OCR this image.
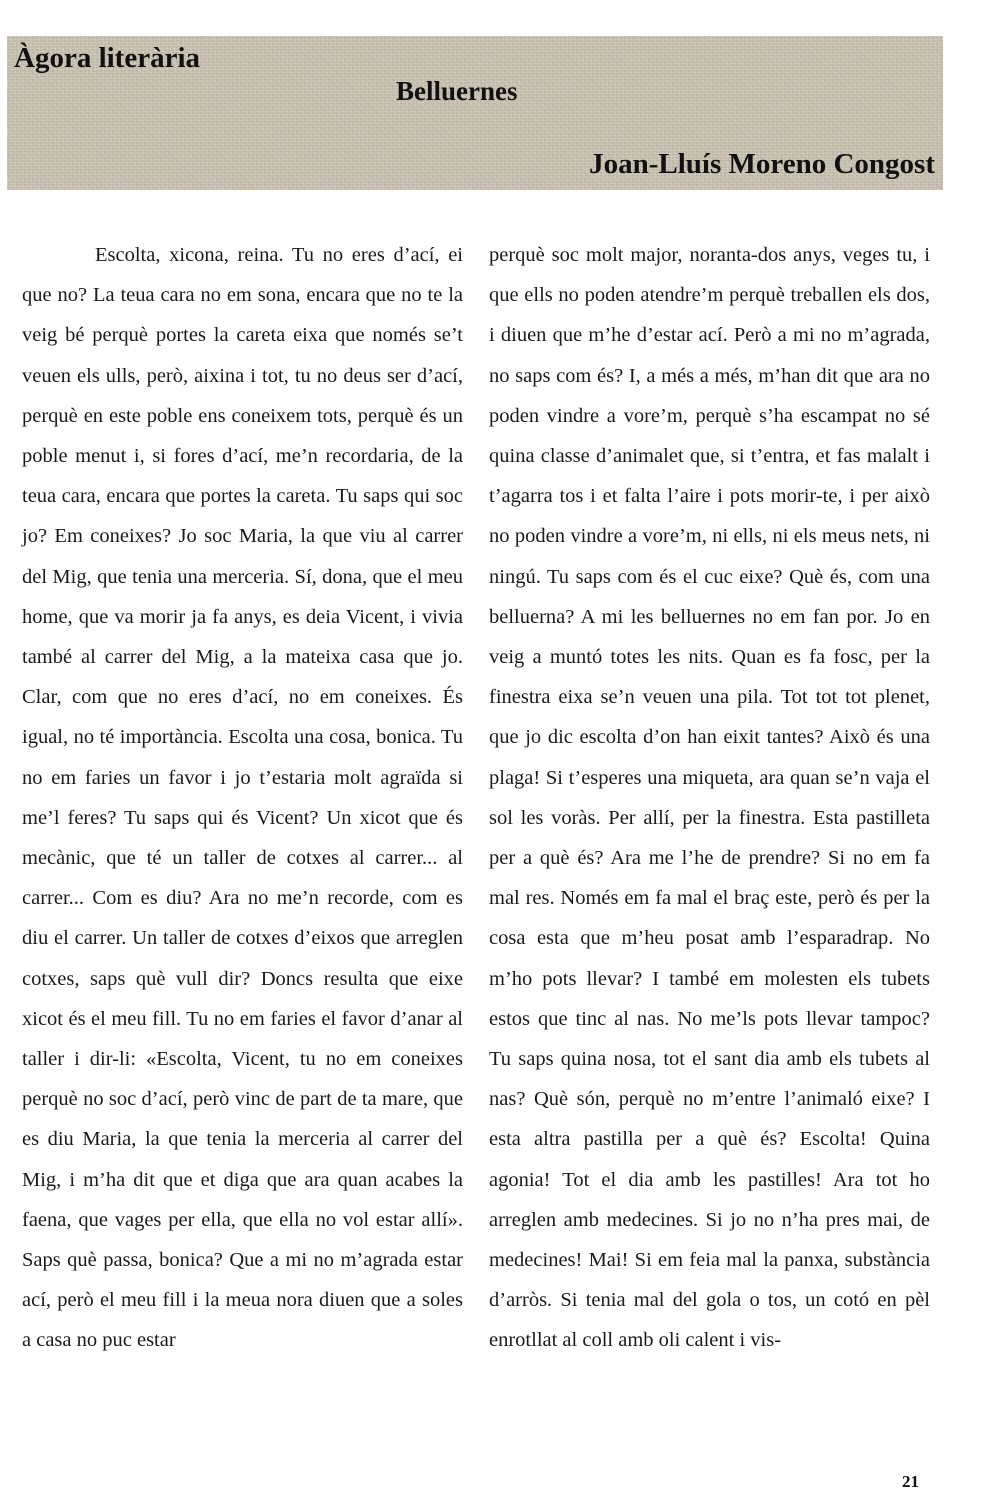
Àgora literària
Belluernes
Joan-Lluís Moreno Congost

Escolta, xicona, reina. Tu no eres d’ací, ei que no? La teua cara no em sona, encara que no te la veig bé perquè portes la careta eixa que només se’t veuen els ulls, però, aixina i tot, tu no deus ser d’ací, perquè en este poble ens coneixem tots, perquè és un poble menut i, si fores d’ací, me’n recordaria, de la teua cara, encara que portes la careta. Tu saps qui soc jo? Em coneixes? Jo soc Maria, la que viu al carrer del Mig, que tenia una merceria. Sí, dona, que el meu home, que va morir ja fa anys, es deia Vicent, i vivia també al carrer del Mig, a la mateixa casa que jo. Clar, com que no eres d’ací, no em coneixes. És igual, no té importància. Escolta una cosa, bonica. Tu no em faries un favor i jo t’estaria molt agraïda si me’l feres? Tu saps qui és Vicent? Un xicot que és mecànic, que té un taller de cotxes al carrer... al carrer... Com es diu? Ara no me’n recorde, com es diu el carrer. Un taller de cotxes d’eixos que arreglen cotxes, saps què vull dir? Doncs resulta que eixe xicot és el meu fill. Tu no em faries el favor d’anar al taller i dir-li: «Escolta, Vicent, tu no em coneixes perquè no soc d’ací, però vinc de part de ta mare, que es diu Maria, la que tenia la merceria al carrer del Mig, i m’ha dit que et diga que ara quan acabes la faena, que vages per ella, que ella no vol estar allí». Saps què passa, bonica? Que a mi no m’agrada estar ací, però el meu fill i la meua nora diuen que a soles a casa no puc estar

perquè soc molt major, noranta-dos anys, veges tu, i que ells no poden atendre’m perquè treballen els dos, i diuen que m’he d’estar ací. Però a mi no m’agrada, no saps com és? I, a més a més, m’han dit que ara no poden vindre a vore’m, perquè s’ha escampat no sé quina classe d’animalet que, si t’entra, et fas malalt i t’agarra tos i et falta l’aire i pots morir-te, i per això no poden vindre a vore’m, ni ells, ni els meus nets, ni ningú. Tu saps com és el cuc eixe? Què és, com una belluerna? A mi les belluernes no em fan por. Jo en veig a muntó totes les nits. Quan es fa fosc, per la finestra eixa se’n veuen una pila. Tot tot tot plenet, que jo dic escolta d’on han eixit tantes? Això és una plaga! Si t’esperes una miqueta, ara quan se’n vaja el sol les voràs. Per allí, per la finestra. Esta pastilleta per a què és? Ara me l’he de prendre? Si no em fa mal res. Només em fa mal el braç este, però és per la cosa esta que m’heu posat amb l’esparadrap. No m’ho pots llevar? I també em molesten els tubets estos que tinc al nas. No me’ls pots llevar tampoc? Tu saps quina nosa, tot el sant dia amb els tubets al nas? Què són, perquè no m’entre l’animaló eixe? I esta altra pastilla per a què és? Escolta! Quina agonia! Tot el dia amb les pastilles! Ara tot ho arreglen amb medecines. Si jo no n’ha pres mai, de medecines! Mai! Si em feia mal la panxa, substància d’arròs. Si tenia mal del gola o tos, un cotó en pèl enrotllat al coll amb oli calent i vis-

21
